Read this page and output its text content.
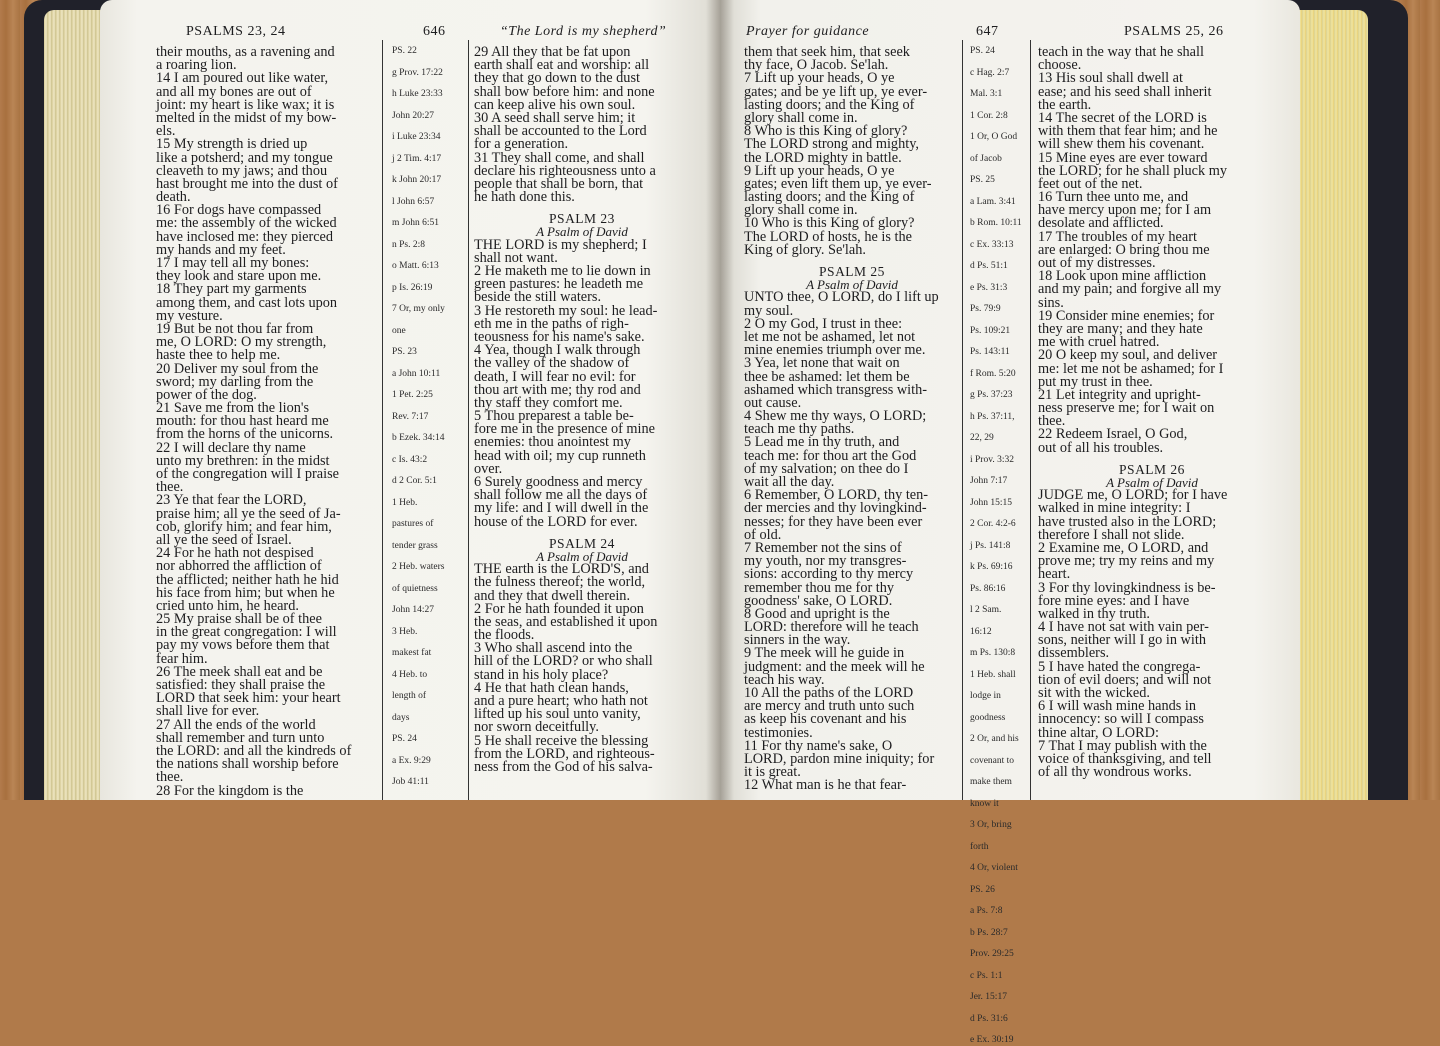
PSALMS 23, 24	646	“The Lord is my shepherd”
their mouths, as a ravening and
a roaring lion.
14 I am poured out like water,
and all my bones are out of
joint: my heart is like wax; it is
melted in the midst of my bow-
els.
15 My strength is dried up
like a potsherd; and my tongue
cleaveth to my jaws; and thou
hast brought me into the dust of
death.
16 For dogs have compassed
me: the assembly of the wicked
have inclosed me: they pierced
my hands and my feet.
17 I may tell all my bones:
they look and stare upon me.
18 They part my garments
among them, and cast lots upon
my vesture.
19 But be not thou far from
me, O LORD: O my strength,
haste thee to help me.
20 Deliver my soul from the
sword; my darling from the
power of the dog.
21 Save me from the lion's
mouth: for thou hast heard me
from the horns of the unicorns.
22 I will declare thy name
unto my brethren: in the midst
of the congregation will I praise
thee.
23 Ye that fear the LORD,
praise him; all ye the seed of Ja-
cob, glorify him; and fear him,
all ye the seed of Israel.
24 For he hath not despised
nor abhorred the affliction of
the afflicted; neither hath he hid
his face from him; but when he
cried unto him, he heard.
25 My praise shall be of thee
in the great congregation: I will
pay my vows before them that
fear him.
26 The meek shall eat and be
satisfied: they shall praise the
LORD that seek him: your heart
shall live for ever.
27 All the ends of the world
shall remember and turn unto
the LORD: and all the kindreds of
the nations shall worship before
thee.
28 For the kingdom is the
PS. 22
g Prov. 17:22
h Luke 23:33
John 20:27
i Luke 23:34
j 2 Tim. 4:17
k John 20:17
l John 6:57
m John 6:51
n Ps. 2:8
o Matt. 6:13
p Is. 26:19
7 Or, my only
one
PS. 23
a John 10:11
1 Pet. 2:25
Rev. 7:17
b Ezek. 34:14
c Is. 43:2
d 2 Cor. 5:1
1 Heb.
pastures of
tender grass
2 Heb. waters
of quietness
John 14:27
3 Heb.
makest fat
4 Heb. to
length of
days
PS. 24
a Ex. 9:29
Job 41:11
29 All they that be fat upon
earth shall eat and worship: all
they that go down to the dust
shall bow before him: and none
can keep alive his own soul.
30 A seed shall serve him; it
shall be accounted to the Lord
for a generation.
31 They shall come, and shall
declare his righteousness unto a
people that shall be born, that
he hath done this.
PSALM 23
A Psalm of David
THE LORD is my shepherd; I
shall not want.
2 He maketh me to lie down in
green pastures: he leadeth me
beside the still waters.
3 He restoreth my soul: he lead-
eth me in the paths of righ-
teousness for his name's sake.
4 Yea, though I walk through
the valley of the shadow of
death, I will fear no evil: for
thou art with me; thy rod and
thy staff they comfort me.
5 Thou preparest a table be-
fore me in the presence of mine
enemies: thou anointest my
head with oil; my cup runneth
over.
6 Surely goodness and mercy
shall follow me all the days of
my life: and I will dwell in the
house of the LORD for ever.
PSALM 24
A Psalm of David
THE earth is the LORD'S, and
the fulness thereof; the world,
and they that dwell therein.
2 For he hath founded it upon
the seas, and established it upon
the floods.
3 Who shall ascend into the
hill of the LORD? or who shall
stand in his holy place?
4 He that hath clean hands,
and a pure heart; who hath not
lifted up his soul unto vanity,
nor sworn deceitfully.
5 He shall receive the blessing
from the LORD, and righteous-
ness from the God of his salva-
Prayer for guidance	647	PSALMS 25, 26
them that seek him, that seek
thy face, O Jacob. Se'lah.
7 Lift up your heads, O ye
gates; and be ye lift up, ye ever-
lasting doors; and the King of
glory shall come in.
8 Who is this King of glory?
The LORD strong and mighty,
the LORD mighty in battle.
9 Lift up your heads, O ye
gates; even lift them up, ye ever-
lasting doors; and the King of
glory shall come in.
10 Who is this King of glory?
The LORD of hosts, he is the
King of glory. Se'lah.
PSALM 25
A Psalm of David
UNTO thee, O LORD, do I lift up
my soul.
2 O my God, I trust in thee:
let me not be ashamed, let not
mine enemies triumph over me.
3 Yea, let none that wait on
thee be ashamed: let them be
ashamed which transgress with-
out cause.
4 Shew me thy ways, O LORD;
teach me thy paths.
5 Lead me in thy truth, and
teach me: for thou art the God
of my salvation; on thee do I
wait all the day.
6 Remember, O LORD, thy ten-
der mercies and thy lovingkind-
nesses; for they have been ever
of old.
7 Remember not the sins of
my youth, nor my transgres-
sions: according to thy mercy
remember thou me for thy
goodness' sake, O LORD.
8 Good and upright is the
LORD: therefore will he teach
sinners in the way.
9 The meek will he guide in
judgment: and the meek will he
teach his way.
10 All the paths of the LORD
are mercy and truth unto such
as keep his covenant and his
testimonies.
11 For thy name's sake, O
LORD, pardon mine iniquity; for
it is great.
12 What man is he that fear-
PS. 24
c Hag. 2:7
Mal. 3:1
1 Cor. 2:8
1 Or, O God
of Jacob
PS. 25
a Lam. 3:41
b Rom. 10:11
c Ex. 33:13
d Ps. 51:1
e Ps. 31:3
Ps. 79:9
Ps. 109:21
Ps. 143:11
f Rom. 5:20
g Ps. 37:23
h Ps. 37:11,
22, 29
i Prov. 3:32
John 7:17
John 15:15
2 Cor. 4:2-6
j Ps. 141:8
k Ps. 69:16
Ps. 86:16
l 2 Sam.
16:12
m Ps. 130:8
1 Heb. shall
lodge in
goodness
2 Or, and his
covenant to
make them
know it
3 Or, bring
forth
4 Or, violent
PS. 26
a Ps. 7:8
b Ps. 28:7
Prov. 29:25
c Ps. 1:1
Jer. 15:17
d Ps. 31:6
e Ex. 30:19
teach in the way that he shall
choose.
13 His soul shall dwell at
ease; and his seed shall inherit
the earth.
14 The secret of the LORD is
with them that fear him; and he
will shew them his covenant.
15 Mine eyes are ever toward
the LORD; for he shall pluck my
feet out of the net.
16 Turn thee unto me, and
have mercy upon me; for I am
desolate and afflicted.
17 The troubles of my heart
are enlarged: O bring thou me
out of my distresses.
18 Look upon mine affliction
and my pain; and forgive all my
sins.
19 Consider mine enemies; for
they are many; and they hate
me with cruel hatred.
20 O keep my soul, and deliver
me: let me not be ashamed; for I
put my trust in thee.
21 Let integrity and upright-
ness preserve me; for I wait on
thee.
22 Redeem Israel, O God,
out of all his troubles.
PSALM 26
A Psalm of David
JUDGE me, O LORD; for I have
walked in mine integrity: I
have trusted also in the LORD;
therefore I shall not slide.
2 Examine me, O LORD, and
prove me; try my reins and my
heart.
3 For thy lovingkindness is be-
fore mine eyes: and I have
walked in thy truth.
4 I have not sat with vain per-
sons, neither will I go in with
dissemblers.
5 I have hated the congrega-
tion of evil doers; and will not
sit with the wicked.
6 I will wash mine hands in
innocency: so will I compass
thine altar, O LORD:
7 That I may publish with the
voice of thanksgiving, and tell
of all thy wondrous works.
